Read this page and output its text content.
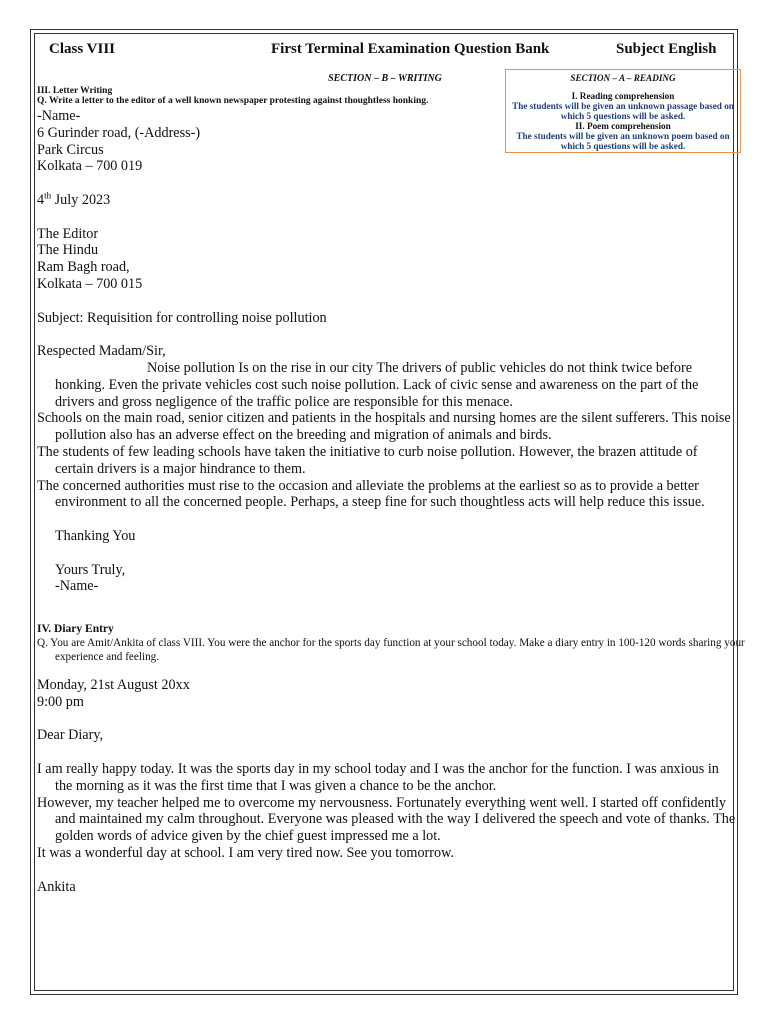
Class VIII	First Terminal Examination Question Bank	Subject English
SECTION – B – WRITING	SECTION – A – READING
I. Reading comprehension
The students will be given an unknown passage based on which 5 questions will be asked.
II. Poem comprehension
The students will be given an unknown poem based on which 5 questions will be asked.
III. Letter Writing
Q. Write a letter to the editor of a well known newspaper protesting against thoughtless honking.

-Name-

6 Gurinder road, (-Address-)

Park Circus

Kolkata – 700 019

4th July 2023

The Editor

The Hindu

Ram Bagh road,

Kolkata – 700 015

Subject: Requisition for controlling noise pollution

Respected Madam/Sir,

Noise pollution Is on the rise in our city The drivers of public vehicles do not think twice before honking. Even the private vehicles cost such noise pollution. Lack of civic sense and awareness on the part of the drivers and gross negligence of the traffic police are responsible for this menace.

Schools on the main road, senior citizen and patients in the hospitals and nursing homes are the silent sufferers. This noise pollution also has an adverse effect on the breeding and migration of animals and birds.

The students of few leading schools have taken the initiative to curb noise pollution. However, the brazen attitude of certain drivers is a major hindrance to them.

The concerned authorities must rise to the occasion and alleviate the problems at the earliest so as to provide a better environment to all the concerned people. Perhaps, a steep fine for such thoughtless acts will help reduce this issue.

Thanking You

Yours Truly,

-Name-

IV. Diary Entry
Q. You are Amit/Ankita of class VIII. You were the anchor for the sports day function at your school today. Make a diary entry in 100-120 words sharing your experience and feeling.

Monday, 21st August 20xx

9:00 pm

Dear Diary,

I am really happy today. It was the sports day in my school today and I was the anchor for the function. I was anxious in the morning as it was the first time that I was given a chance to be the anchor.

However, my teacher helped me to overcome my nervousness. Fortunately everything went well. I started off confidently and maintained my calm throughout. Everyone was pleased with the way I delivered the speech and vote of thanks. The golden words of advice given by the chief guest impressed me a lot.

It was a wonderful day at school. I am very tired now. See you tomorrow.

Ankita
